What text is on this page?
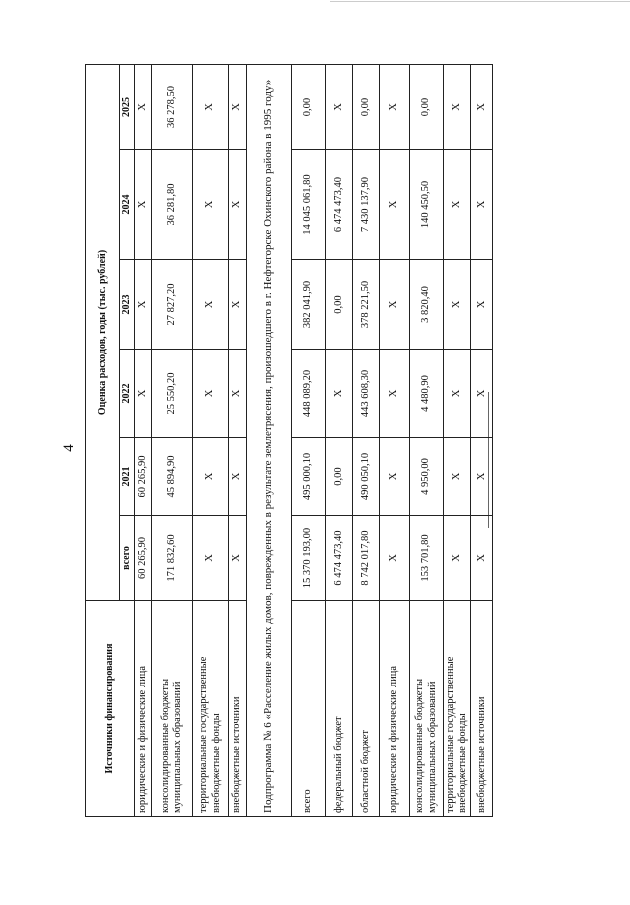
4
Источники финансирования	Оценка расходов, годы (тыс. рублей)					
	всего	2021	2022	2023	2024	2025
юридические и физические лица	60 265,90	60 265,90	X	X	X	X
консолидированные бюджеты муниципальных образований	171 832,60	45 894,90	25 550,20	27 827,20	36 281,80	36 278,50
территориальные государственные внебюджетные фонды	X	X	X	X	X	X
внебюджетные источники	X	X	X	X	X	X
Подпрограмма № 6 «Расселение жилых домов, поврежденных в результате землетрясения, произошедшего в г. Нефтегорске Охинского района в 1995 году»						
всего	15 370 193,00	495 000,10	448 089,20	382 041,90	14 045 061,80	0,00
федеральный бюджет	6 474 473,40	0,00	X	0,00	6 474 473,40	X
областной бюджет	8 742 017,80	490 050,10	443 608,30	378 221,50	7 430 137,90	0,00
юридические и физические лица	X	X	X	X	X	X
консолидированные бюджеты муниципальных образований	153 701,80	4 950,00	4 480,90	3 820,40	140 450,50	0,00
территориальные государственные внебюджетные фонды	X	X	X	X	X	X
внебюджетные источники	X	X	X	X	X	X
